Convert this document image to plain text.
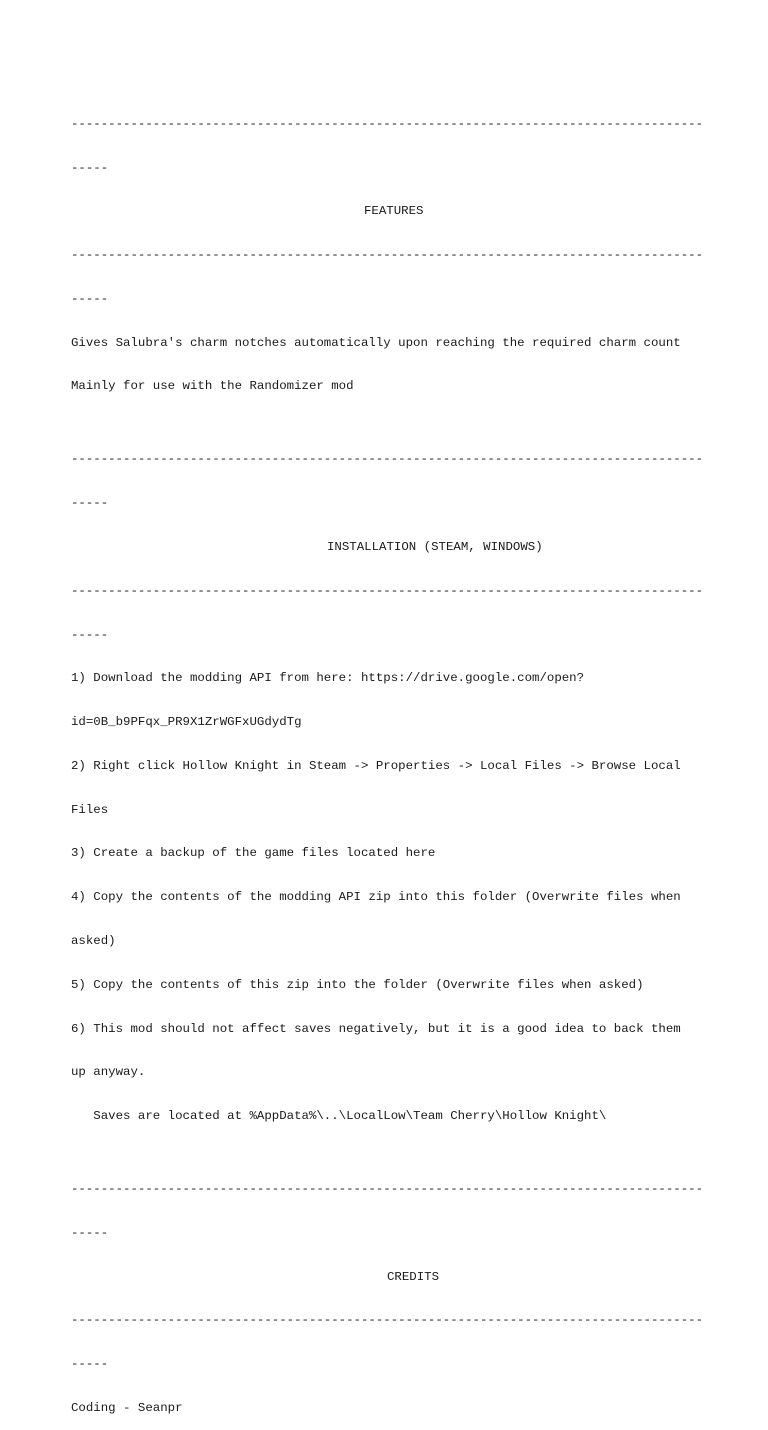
-------------------------------------------------------------------------------------

-----

FEATURES

-------------------------------------------------------------------------------------

-----

Gives Salubra's charm notches automatically upon reaching the required charm count

Mainly for use with the Randomizer mod

-------------------------------------------------------------------------------------

-----

INSTALLATION (STEAM, WINDOWS)

-------------------------------------------------------------------------------------

-----

1) Download the modding API from here: https://drive.google.com/open?

id=0B_b9PFqx_PR9X1ZrWGFxUGdydTg

2) Right click Hollow Knight in Steam -> Properties -> Local Files -> Browse Local

Files

3) Create a backup of the game files located here

4) Copy the contents of the modding API zip into this folder (Overwrite files when

asked)

5) Copy the contents of this zip into the folder (Overwrite files when asked)

6) This mod should not affect saves negatively, but it is a good idea to back them

up anyway.

Saves are located at %AppData%\..\LocalLow\Team Cherry\Hollow Knight\

-------------------------------------------------------------------------------------

-----

CREDITS

-------------------------------------------------------------------------------------

-----

Coding - Seanpr
